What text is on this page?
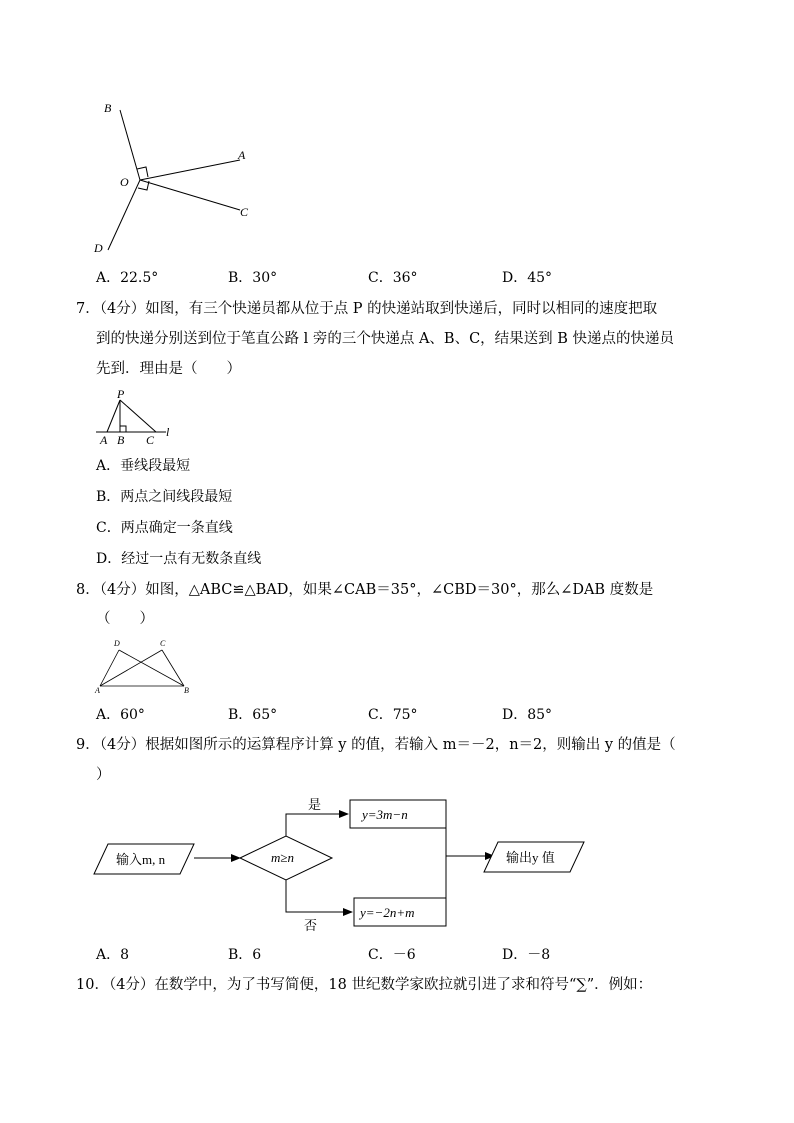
B
A
O
C
D
A．22.5°	B．30°	C．36°	D．45°
7．（4分）如图，有三个快递员都从位于点 P 的快递站取到快递后，同时以相同的速度把取
到的快递分别送到位于笔直公路 l 旁的三个快递点 A、B、C，结果送到 B 快递点的快递员
先到．理由是（　　）
P
A B C
l
A．垂线段最短
B．两点之间线段最短
C．两点确定一条直线
D．经过一点有无数条直线
8．（4分）如图，△ABC≌△BAD，如果∠CAB＝35°，∠CBD＝30°，那么∠DAB 度数是
（　　）
D	C
A	B
A．60°	B．65°	C．75°	D．85°
9．（4分）根据如图所示的运算程序计算 y 的值，若输入 m＝－2，n＝2，则输出 y 的值是（
）
输入m, n	m≥n
是
y=3m−n
否
y=−2n+m
输出y 值
A．8	B．6	C．－6	D．－8
10．（4分）在数学中，为了书写简便，18 世纪数学家欧拉就引进了求和符号“∑”．例如：
